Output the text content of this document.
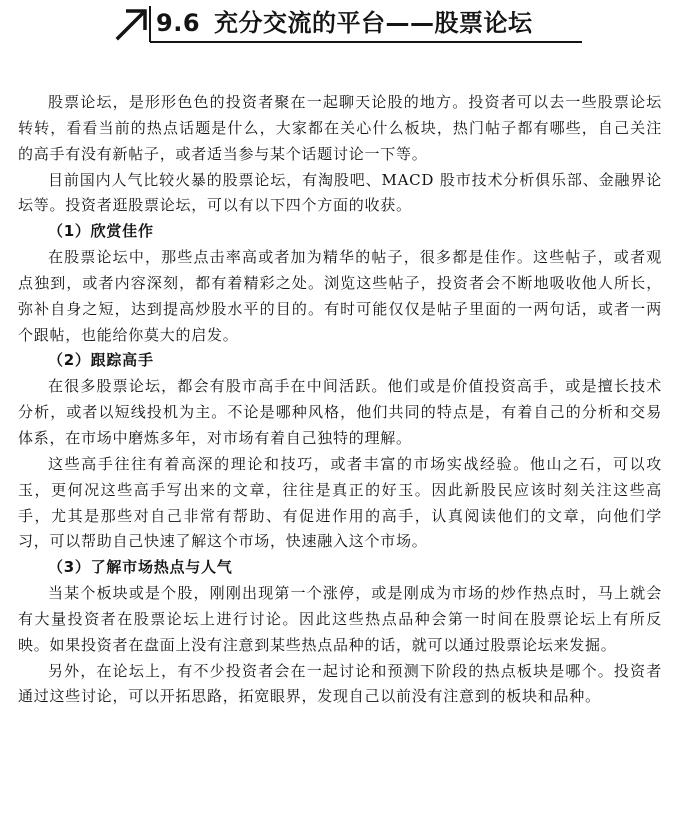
9.6 充分交流的平台——股票论坛

股票论坛，是形形色色的投资者聚在一起聊天论股的地方。投资者可以去一些股票论坛转转，看看当前的热点话题是什么，大家都在关心什么板块，热门帖子都有哪些，自己关注的高手有没有新帖子，或者适当参与某个话题讨论一下等。

目前国内人气比较火暴的股票论坛，有淘股吧、MACD 股市技术分析俱乐部、金融界论坛等。投资者逛股票论坛，可以有以下四个方面的收获。

（1）欣赏佳作

在股票论坛中，那些点击率高或者加为精华的帖子，很多都是佳作。这些帖子，或者观点独到，或者内容深刻，都有着精彩之处。浏览这些帖子，投资者会不断地吸收他人所长，弥补自身之短，达到提高炒股水平的目的。有时可能仅仅是帖子里面的一两句话，或者一两个跟帖，也能给你莫大的启发。

（2）跟踪高手

在很多股票论坛，都会有股市高手在中间活跃。他们或是价值投资高手，或是擅长技术分析，或者以短线投机为主。不论是哪种风格，他们共同的特点是，有着自己的分析和交易体系，在市场中磨炼多年，对市场有着自己独特的理解。

这些高手往往有着高深的理论和技巧，或者丰富的市场实战经验。他山之石，可以攻玉，更何况这些高手写出来的文章，往往是真正的好玉。因此新股民应该时刻关注这些高手，尤其是那些对自己非常有帮助、有促进作用的高手，认真阅读他们的文章，向他们学习，可以帮助自己快速了解这个市场，快速融入这个市场。

（3）了解市场热点与人气

当某个板块或是个股，刚刚出现第一个涨停，或是刚成为市场的炒作热点时，马上就会有大量投资者在股票论坛上进行讨论。因此这些热点品种会第一时间在股票论坛上有所反映。如果投资者在盘面上没有注意到某些热点品种的话，就可以通过股票论坛来发掘。

另外，在论坛上，有不少投资者会在一起讨论和预测下阶段的热点板块是哪个。投资者通过这些讨论，可以开拓思路，拓宽眼界，发现自己以前没有注意到的板块和品种。
